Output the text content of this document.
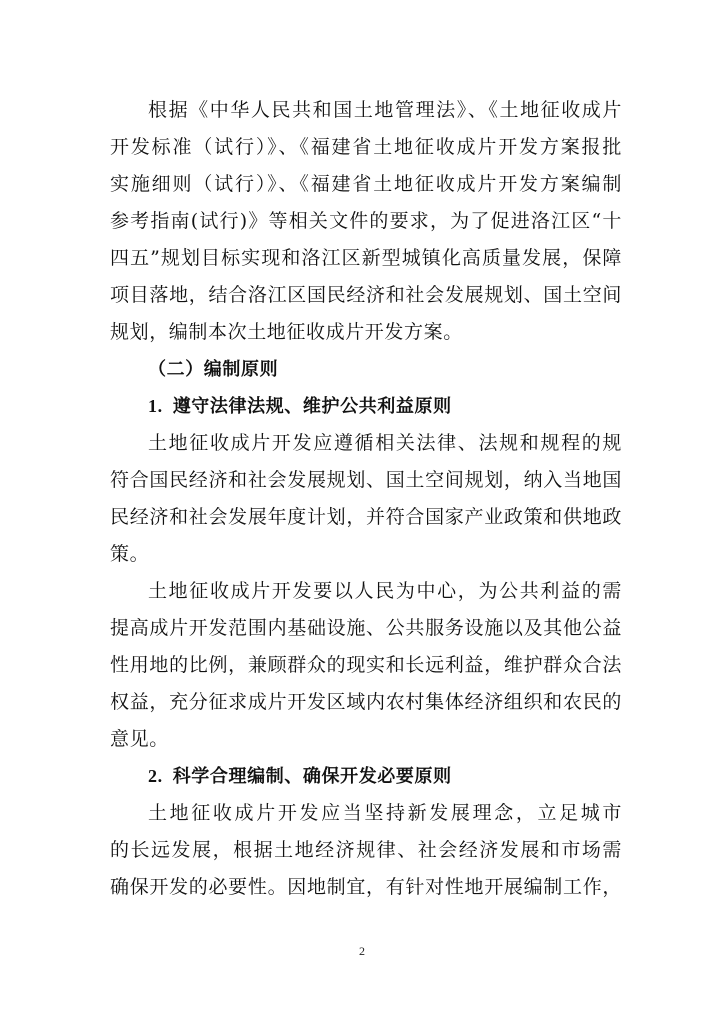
根据《中华人民共和国土地管理法》、《土地征收成片
开发标准（试行）》、《福建省土地征收成片开发方案报批
实施细则（试行）》、《福建省土地征收成片开发方案编制
参考指南(试行)》等相关文件的要求，为了促进洛江区“十
四五”规划目标实现和洛江区新型城镇化高质量发展，保障
项目落地，结合洛江区国民经济和社会发展规划、国土空间
规划，编制本次土地征收成片开发方案。
（二）编制原则
1. 遵守法律法规、维护公共利益原则
土地征收成片开发应遵循相关法律、法规和规程的规
符合国民经济和社会发展规划、国土空间规划，纳入当地国
民经济和社会发展年度计划，并符合国家产业政策和供地政
策。
土地征收成片开发要以人民为中心，为公共利益的需
提高成片开发范围内基础设施、公共服务设施以及其他公益
性用地的比例，兼顾群众的现实和长远利益，维护群众合法
权益，充分征求成片开发区域内农村集体经济组织和农民的
意见。
2. 科学合理编制、确保开发必要原则
土地征收成片开发应当坚持新发展理念，立足城市
的长远发展，根据土地经济规律、社会经济发展和市场需
确保开发的必要性。因地制宜，有针对性地开展编制工作，
2
